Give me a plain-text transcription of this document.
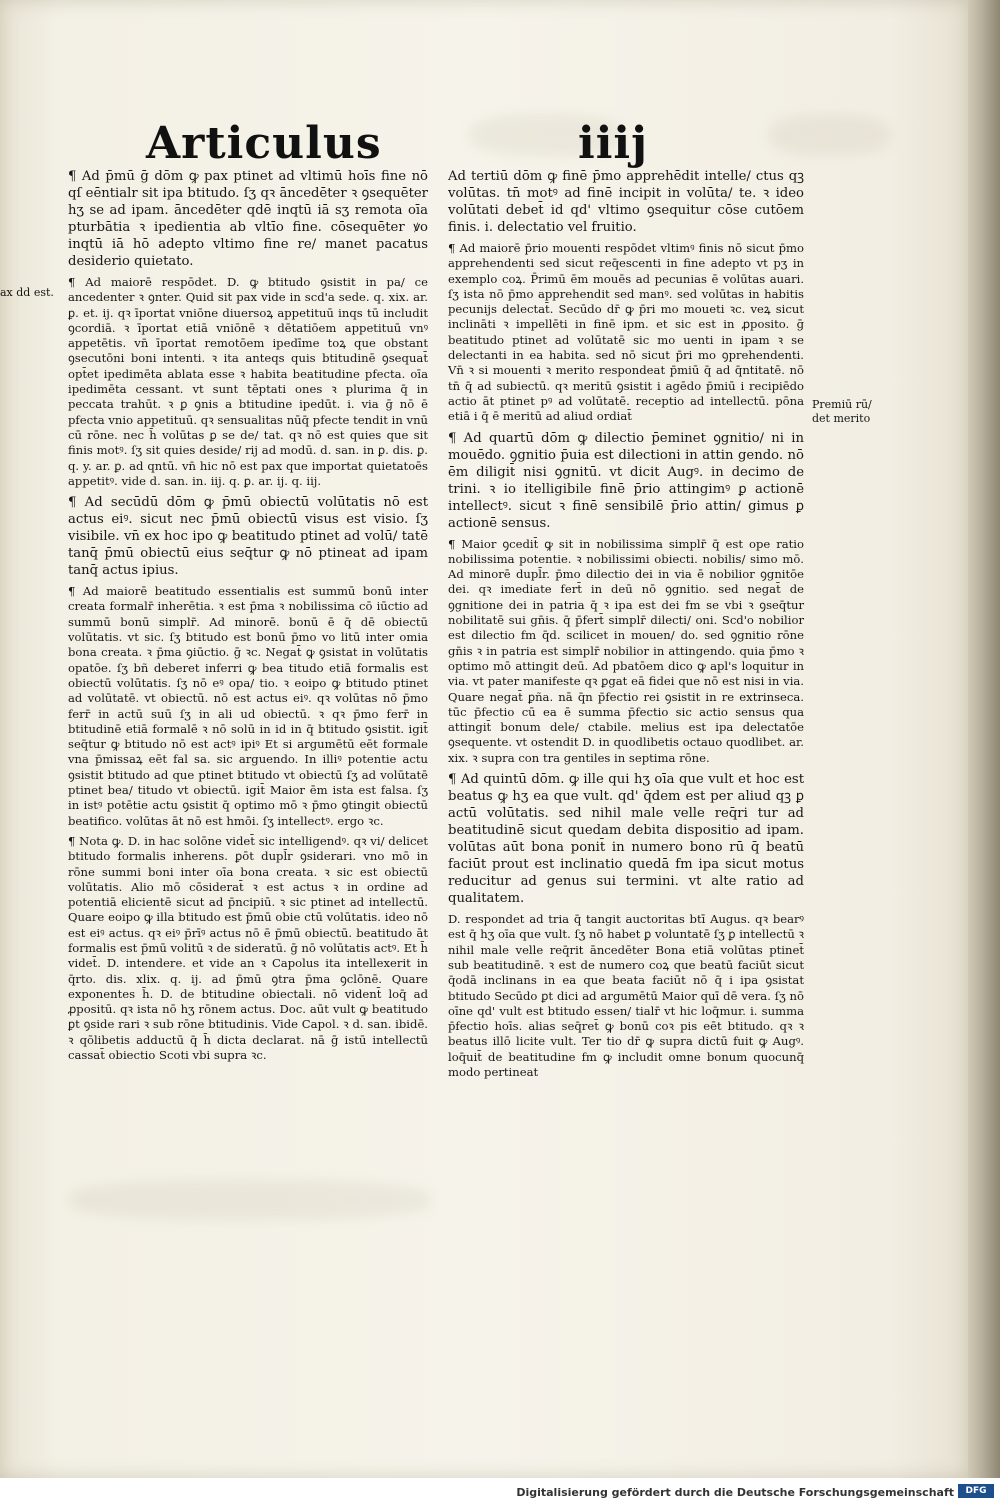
Articulus	iiij
ax dd est.
Premiū rū/ det merito

¶ Ad p̄mū ḡ dōm ꝙ pax ptinet ad vltimū hoīs fine nō qſ eēntialr sit ipa btitudo. ſʒ qꝛ āncedēter ꝛ ꝯsequēter hʒ se ad ipam. āncedēter qdē inqtū iā sʒ remota oīa pturbātia ꝛ ipedientia ab vltīo fine. cōsequēter ꝟo inqtū iā hō adepto vltimo fine re/ manet pacatus desiderio quietato.

¶ Ad maiorē respōdet. D. ꝙ btitudo ꝯsistit in pa/ ce ancedenter ꝛ ꝯnter. Quid sit pax vide in scd'a sede. q. xix. ar. ꝑ. et. ij. qꝛ īportat vniōne diuersoꝝ appetituū inqs tū includit ꝯcordiā. ꝛ īportat etiā vniōnē ꝛ dētatiōem appetituū vnꝰ appetētis. vn̄ īportat remotōem ipedīme toꝝ que obstant ꝯsecutōni boni intenti. ꝛ ita anteqs quis btitudinē ꝯsequat̄ opt̄et ipedimēta ablata esse ꝛ habita beatitudine pfecta. oīa ipedimēta cessant. vt sunt tēptati ones ꝛ plurima q̄ in peccata trahūt. ꝛ ꝑ ꝯnis a btitudine ipedūt. i. via ḡ nō ē pfecta vnio appetituū. qꝛ sensualitas nūq̄ pfecte tendit in vnū cū rōne. nec h̄ volūtas ꝑ se de/ tat. qꝛ nō est quies que sit finis motꝰ. ſʒ sit quies deside/ rij ad modū. d. san. in ꝑ. dis. ꝑ. q. y. ar. ꝑ. ad qntū. vn̄ hic nō est pax que importat quietatoēs appetitꝰ. vide d. san. in. iij. q. ꝑ. ar. ij. q. iij.

¶ Ad secūdū dōm ꝙ p̄mū obiectū volūtatis nō est actus eiꝰ. sicut nec p̄mū obiectū visus est visio. ſʒ visibile. vn̄ ex hoc ipo ꝙ beatitudo ptinet ad volū/ tatē tanq̄ p̄mū obiectū eius seq̄tur ꝙ nō ptineat ad ipam tanq̄ actus ipius.

¶ Ad maiorē beatitudo essentialis est summū bonū inter creata formalr̄ inherētia. ꝛ est p̄ma ꝛ nobilissima cō iūctio ad summū bonū simplr̄. Ad minorē. bonū ē q̄ dē obiectū volūtatis. vt sic. ſʒ btitudo est bonū p̄mo vo litū inter omia bona creata. ꝛ p̄ma ꝯiūctio. ḡ ꝛc. Negat̄ ꝙ ꝯsistat in volūtatis opatōe. ſʒ bñ deberet inferri ꝙ bea titudo etiā formalis est obiectū volūtatis. ſʒ nō eꝰ opa/ tio. ꝛ eoipo ꝙ btitudo ptinet ad volūtatē. vt obiectū. nō est actus eiꝰ. qꝛ volūtas nō p̄mo ferr̄ in actū suū ſʒ in ali ud obiectū. ꝛ qꝛ p̄mo ferr̄ in btitudinē etiā formalē ꝛ nō solū in id in q̄ btitudo ꝯsistit. igit̄ seq̄tur ꝙ btitudo nō est actꝰ ipiꝰ Et si argumētū eēt formale vna p̄missaꝝ eēt fal sa. sic arguendo. In illiꝰ potentie actu ꝯsistit btitudo ad que ptinet btitudo vt obiectū ſʒ ad volūtatē ptinet bea/ titudo vt obiectū. igit̄ Maior ēm ista est falsa. ſʒ in istꝰ potētie actu ꝯsistit q̄ optimo mō ꝛ p̄mo ꝯtingit obiectū beatifico. volūtas āt nō est hmōi. ſʒ intellectꝰ. ergo ꝛc.

¶ Nota ꝙ. D. in hac solōne videt̄ sic intelligendꝰ. qꝛ vi/ delicet btitudo formalis inherens. ꝑōt dupl̄r ꝯsiderari. vno mō in rōne summi boni inter oīa bona creata. ꝛ sic est obiectū volūtatis. Alio mō cōsiderat̄ ꝛ est actus ꝛ in ordine ad potentiā elicientē sicut ad p̄ncipiū. ꝛ sic ptinet ad intellectū. Quare eoipo ꝙ illa btitudo est p̄mū obie ctū volūtatis. ideo nō est eiꝰ actus. qꝛ eiꝰ p̄rīꝰ actus nō ē p̄mū obiectū. beatitudo āt formalis est p̄mū volitū ꝛ de sideratū. ḡ nō volūtatis actꝰ. Et h̄ videt̄. D. intendere. et vide an ꝛ Capolus ita intellexerit in q̄rto. dis. xlix. q. ij. ad p̄mū ꝯtra p̄ma ꝯclōnē. Quare exponentes h̄. D. de btitudine obiectali. nō vident̄ loq̄ ad ꝓpositū. qꝛ ista nō hʒ rōnem actus. Doc. aūt vult ꝙ beatitudo ꝑt ꝯside rari ꝛ sub rōne btitudinis. Vide Capol. ꝛ d. san. ibidē. ꝛ qōlibetis adductū q̄ h̄ dicta declarat. nā ḡ istū intellectū cassat̄ obiectio Scoti vbi supra ꝛc.

Ad tertiū dōm ꝙ finē p̄mo apprehēdit intelle/ ctus qꝫ volūtas. tn̄ motꝰ ad finē incipit in volūta/ te. ꝛ ideo volūtati debet̄ id qd' vltimo ꝯsequitur cōse cutōem finis. i. delectatio vel fruitio.

¶ Ad maiorē p̄rio mouenti respōdet vltimꝰ finis nō sicut p̄mo apprehendenti sed sicut req̄escenti in fine adepto vt pʒ in exemplo coꝝ. P̄rimū ēm mouēs ad pecunias ē volūtas auari. ſʒ ista nō p̄mo apprehendit sed manꝰ. sed volūtas in habitis pecunijs delectat̄. Secūdo dr̄ ꝙ p̄ri mo moueti ꝛc. veꝝ sicut inclināti ꝛ impellēti in finē ipm. et sic est in ꝓposito. ḡ beatitudo ptinet ad volūtatē sic mo uenti in ipam ꝛ se delectanti in ea habita. sed nō sicut p̄ri mo ꝯprehendenti. Vn̄ ꝛ si mouenti ꝛ merito respondeat p̄miū q̄ ad q̄ntitatē. nō tn̄ q̄ ad subiectū. qꝛ meritū ꝯsistit i agēdo p̄miū i recipiēdo actio āt ptinet pꝰ ad volūtatē. receptio ad intellectū. pōna etiā i q̄ ē meritū ad aliud ordiat̄

¶ Ad quartū dōm ꝙ dilectio p̄eminet ꝯgnitio/ ni in mouēdo. ꝯgnitio p̄uia est dilectioni in attin gendo. nō ēm diligit̄ nisi ꝯgnitū. vt dicit Augꝰ. in decimo de trini. ꝛ io itelligibile finē p̄rio attingimꝰ ꝑ actionē intellectꝰ. sicut ꝛ finē sensibilē p̄rio attin/ gimus ꝑ actionē sensus.

¶ Maior ꝯcedit̄ ꝙ sit in nobilissima simplr̄ q̄ est ope ratio nobilissima potentie. ꝛ nobilissimi obiecti. nobilis/ simo mō. Ad minorē dupl̄r. p̄mo dilectio dei in via ē nobilior ꝯgnitōe dei. qꝛ imediate fert̄ in deū nō ꝯgnitio. sed negat̄ de ꝯgnitione dei in patria q̄ ꝛ ipa est dei fm se vbi ꝛ ꝯseq̄tur nobilitatē sui gn̄is. q̄ p̄fert̄ simplr̄ dilecti/ oni. Scd'o nobilior est dilectio fm q̄d. scilicet in mouen/ do. sed ꝯgnitio rōne gn̄is ꝛ in patria est simplr̄ nobilior in attingendo. quia p̄mo ꝛ optimo mō attingit deū. Ad pbatōem dico ꝙ apl's loquitur in via. vt pater manifeste qꝛ ꝑgat eā fidei que nō est nisi in via. Quare negat̄ ꝑña. nā q̄n p̄fectio rei ꝯsistit in re extrinseca. tūc p̄fectio cū ea ē summa p̄fectio sic actio sensus qua attingit̄ bonum dele/ ctabile. melius est ipa delectatōe ꝯsequente. vt ostendit D. in quodlibetis octauo quodlibet. ar. xix. ꝛ supra con tra gentiles in septima rōne.

¶ Ad quintū dōm. ꝙ ille qui hʒ oīa que vult et hoc est beatus ꝙ hʒ ea que vult. qd' q̄dem est per aliud qꝫ ꝑ actū volūtatis. sed nihil male velle req̄ri tur ad beatitudinē sicut quedam debita dispositio ad ipam. volūtas aūt bona ponit̄ in numero bono rū q̄ beatū faciūt prout est inclinatio quedā fm ipa sicut motus reducitur ad genus sui termini. vt alte ratio ad qualitatem.

D. respondet ad tria q̄ tangit auctoritas btī Augus. qꝛ bearꝰ est q̄ hʒ oīa que vult. ſʒ nō habet ꝑ voluntatē ſʒ ꝑ intellectū ꝛ nihil male velle req̄rit āncedēter Bona etiā volūtas ptinet̄ sub beatitudinē. ꝛ est de numero coꝝ que beatū faciūt sicut q̄odā inclinans in ea que beata faciūt nō q̄ i ipa ꝯsistat btitudo Secūdo ꝑt dici ad argumētū Maior quī dē vera. ſʒ nō oīne qd' vult est btitudo essen/ tialr̄ vt hic loq̄mur. i. summa p̄fectio hoīs. alias seq̄ret̄ ꝙ bonū coꝛ pis eēt btitudo. qꝛ ꝛ beatus illō licite vult. Ter tio dr̄ ꝙ supra dictū fuit ꝙ Augꝰ. loq̄uit̄ de beatitudine fm ꝙ includit omne bonum quocunq̄ modo pertineat

Digitalisierung gefördert durch die Deutsche Forschungsgemeinschaft	DFG
